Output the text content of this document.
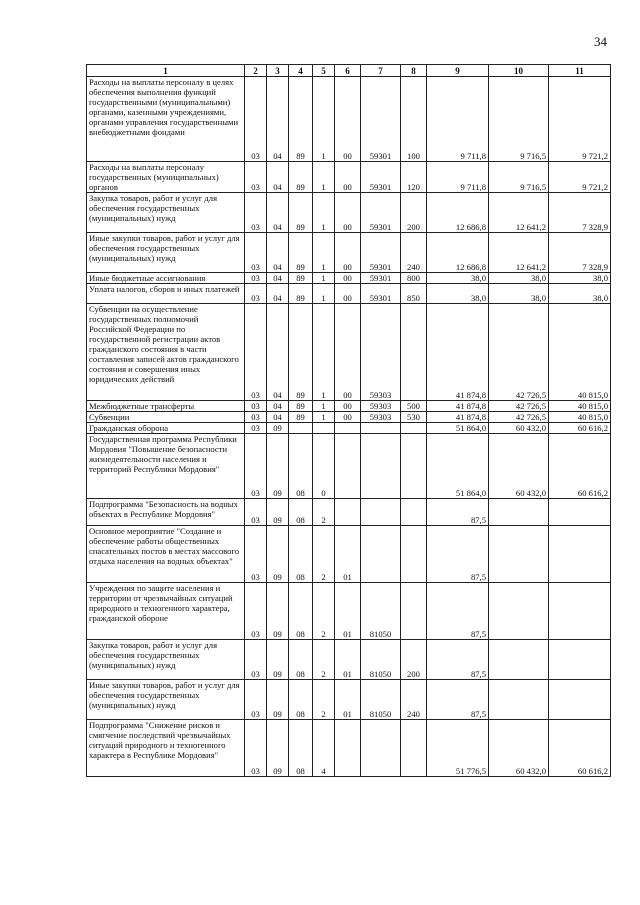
34
1	2	3	4	5	6	7	8	9	10	11
Расходы на выплаты персоналу в целях обеспечения выполнения функций государственными (муниципальными) органами, казенными учреждениями, органами управления государственными внебюджетными фондами	03	04	89	1	00	59301	100	9 711,8	9 716,5	9 721,2
Расходы на выплаты персоналу государственных (муниципальных) органов	03	04	89	1	00	59301	120	9 711,8	9 716,5	9 721,2
Закупка товаров, работ и услуг для обеспечения государственных (муниципальных) нужд	03	04	89	1	00	59301	200	12 686,8	12 641,2	7 328,9
Иные закупки товаров, работ и услуг для обеспечения государственных (муниципальных) нужд	03	04	89	1	00	59301	240	12 686,8	12 641,2	7 328,9
Иные бюджетные ассигнования	03	04	89	1	00	59301	800	38,0	38,0	38,0
Уплата налогов, сборов и иных платежей	03	04	89	1	00	59301	850	38,0	38,0	38,0
Субвенции на осуществление государственных полномочий Российской Федерации по государственной регистрации актов гражданского состояния в части составления записей актов гражданского состояния и совершения иных юридических действий	03	04	89	1	00	59303		41 874,8	42 726,5	40 815,0
Межбюджетные трансферты	03	04	89	1	00	59303	500	41 874,8	42 726,5	40 815,0
Субвенции	03	04	89	1	00	59303	530	41 874,8	42 726,5	40 815,0
Гражданская оборона	03	09						51 864,0	60 432,0	60 616,2
Государственная программа Республики Мордовия "Повышение безопасности жизнедеятельности населения и территорий Республики Мордовия"	03	09	08	0				51 864,0	60 432,0	60 616,2
Подпрограмма "Безопасность на водных объектах в Республике Мордовия"	03	09	08	2				87,5		
Основное мероприятие "Создание и обеспечение работы общественных спасательных постов в местах массового отдыха населения на водных объектах"	03	09	08	2	01			87,5		
Учреждения по защите населения и территории от чрезвычайных ситуаций природного и техногенного характера, гражданской обороне	03	09	08	2	01	81050		87,5		
Закупка товаров, работ и услуг для обеспечения государственных (муниципальных) нужд	03	09	08	2	01	81050	200	87,5		
Иные закупки товаров, работ и услуг для обеспечения государственных (муниципальных) нужд	03	09	08	2	01	81050	240	87,5		
Подпрограмма "Снижение рисков и смягчение последствий чрезвычайных ситуаций природного и техногенного характера в Республике Мордовия"	03	09	08	4				51 776,5	60 432,0	60 616,2
